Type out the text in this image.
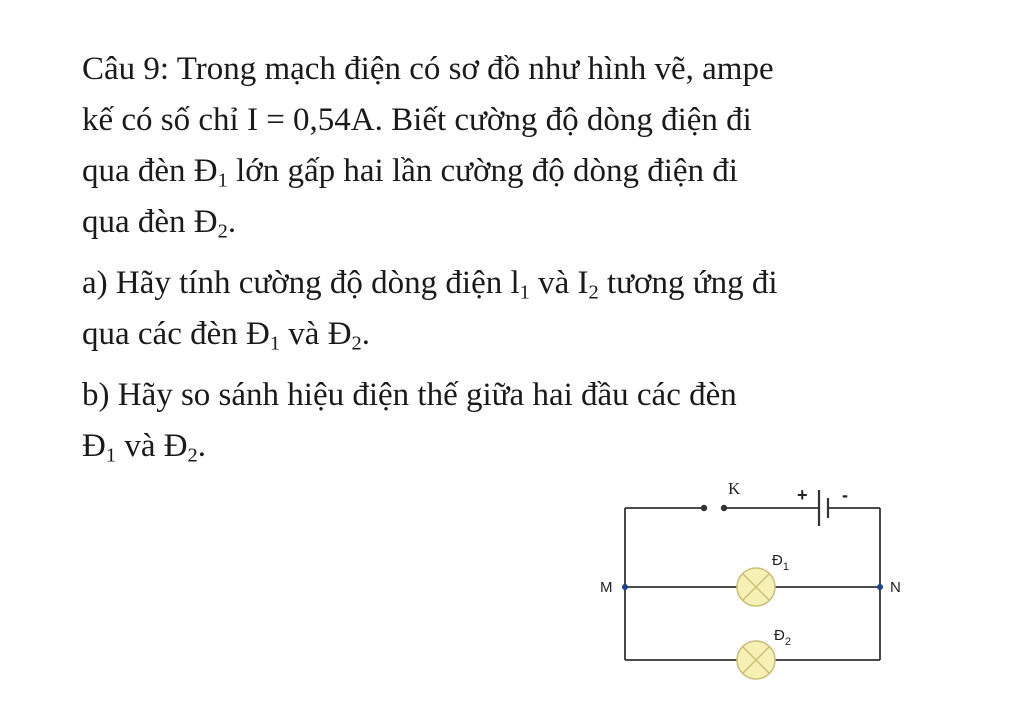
Câu 9: Trong mạch điện có sơ đồ như hình vẽ, ampe
kế có số chỉ I = 0,54A. Biết cường độ dòng điện đi
qua đèn $Đ_1$ lớn gấp hai lần cường độ dòng điện đi
qua đèn $Đ_2$.

a) Hãy tính cường độ dòng điện $l_1$ và $I_2$ tương ứng đi
qua các đèn $Đ_1$ và $Đ_2$.

b) Hãy so sánh hiệu điện thế giữa hai đầu các đèn
$Đ_1$ và $Đ_2$.

K	+ -
$Đ_1$
$Đ_2$
M	N
